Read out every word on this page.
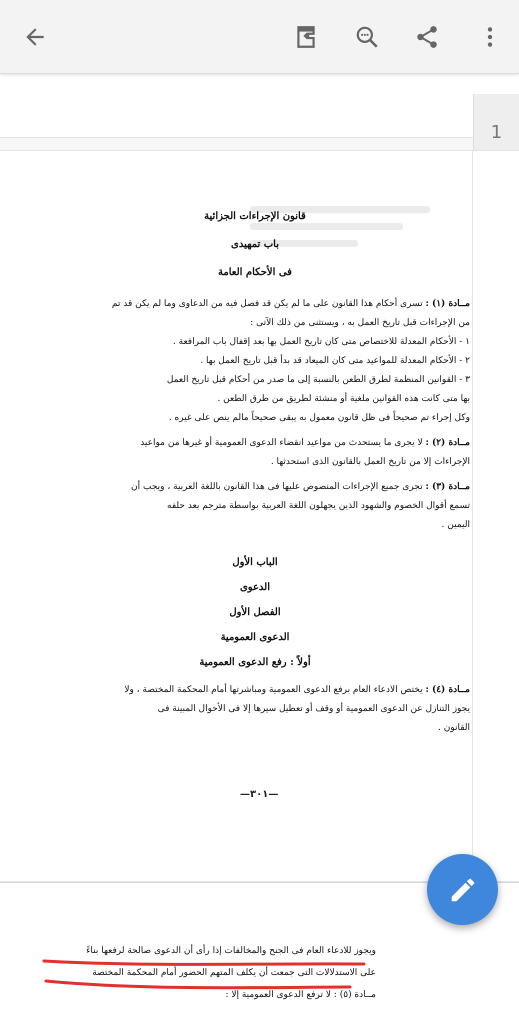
1
قانون الإجراءات الجزائية
باب تمهيدى
فى الأحكام العامة
مــادة (١) : تسرى أحكام هذا القانون على ما لم يكن قد فصل فيه من الدعاوى وما لم يكن قد تم
من الإجراءات قبل تاريخ العمل به ، ويستثنى من ذلك الآتى :
١ - الأحكام المعدلة للاختصاص متى كان تاريخ العمل بها بعد إقفال باب المرافعة .
٢ - الأحكام المعدلة للمواعيد متى كان الميعاد قد بدأ قبل تاريخ العمل بها .
٣ - القوانين المنظمة لطرق الطعن بالنسبة إلى ما صدر من أحكام قبل تاريخ العمل
بها متى كانت هذه القوانين ملغية أو منشئة لطريق من طرق الطعن .
وكل إجراء تم صحيحاً فى ظل قانون معمول به يبقى صحيحاً مالم ينص على غيره .
مــادة (٢) : لا يجرى ما يستحدث من مواعيد انقضاء الدعوى العمومية أو غيرها من مواعيد
الإجراءات إلا من تاريخ العمل بالقانون الذى استحدثها .
مــادة (٣) : تجرى جميع الإجراءات المنصوص عليها فى هذا القانون باللغة العربية ، ويجب أن
تسمع أقوال الخصوم والشهود الذين يجهلون اللغة العربية بواسطة مترجم بعد حلفه
اليمين .
الباب الأول
الدعوى
الفصل الأول
الدعوى العمومية
أولاً : رفع الدعوى العمومية
مــادة (٤) : يختص الادعاء العام برفع الدعوى العمومية ومباشرتها أمام المحكمة المختصة ، ولا
يجوز التنازل عن الدعوى العمومية أو وقف أو تعطيل سيرها إلا فى الأحوال المبينة فى
القانون .
—٣٠١—
ويجوز للادعاء العام فى الجنح والمخالفات إذا رأى أن الدعوى صالحة لرفعها بناءً
على الاستدلالات التى جمعت أن يكلف المتهم الحضور أمام المحكمة المختصة
مــادة (٥) : لا ترفع الدعوى العمومية إلا :
